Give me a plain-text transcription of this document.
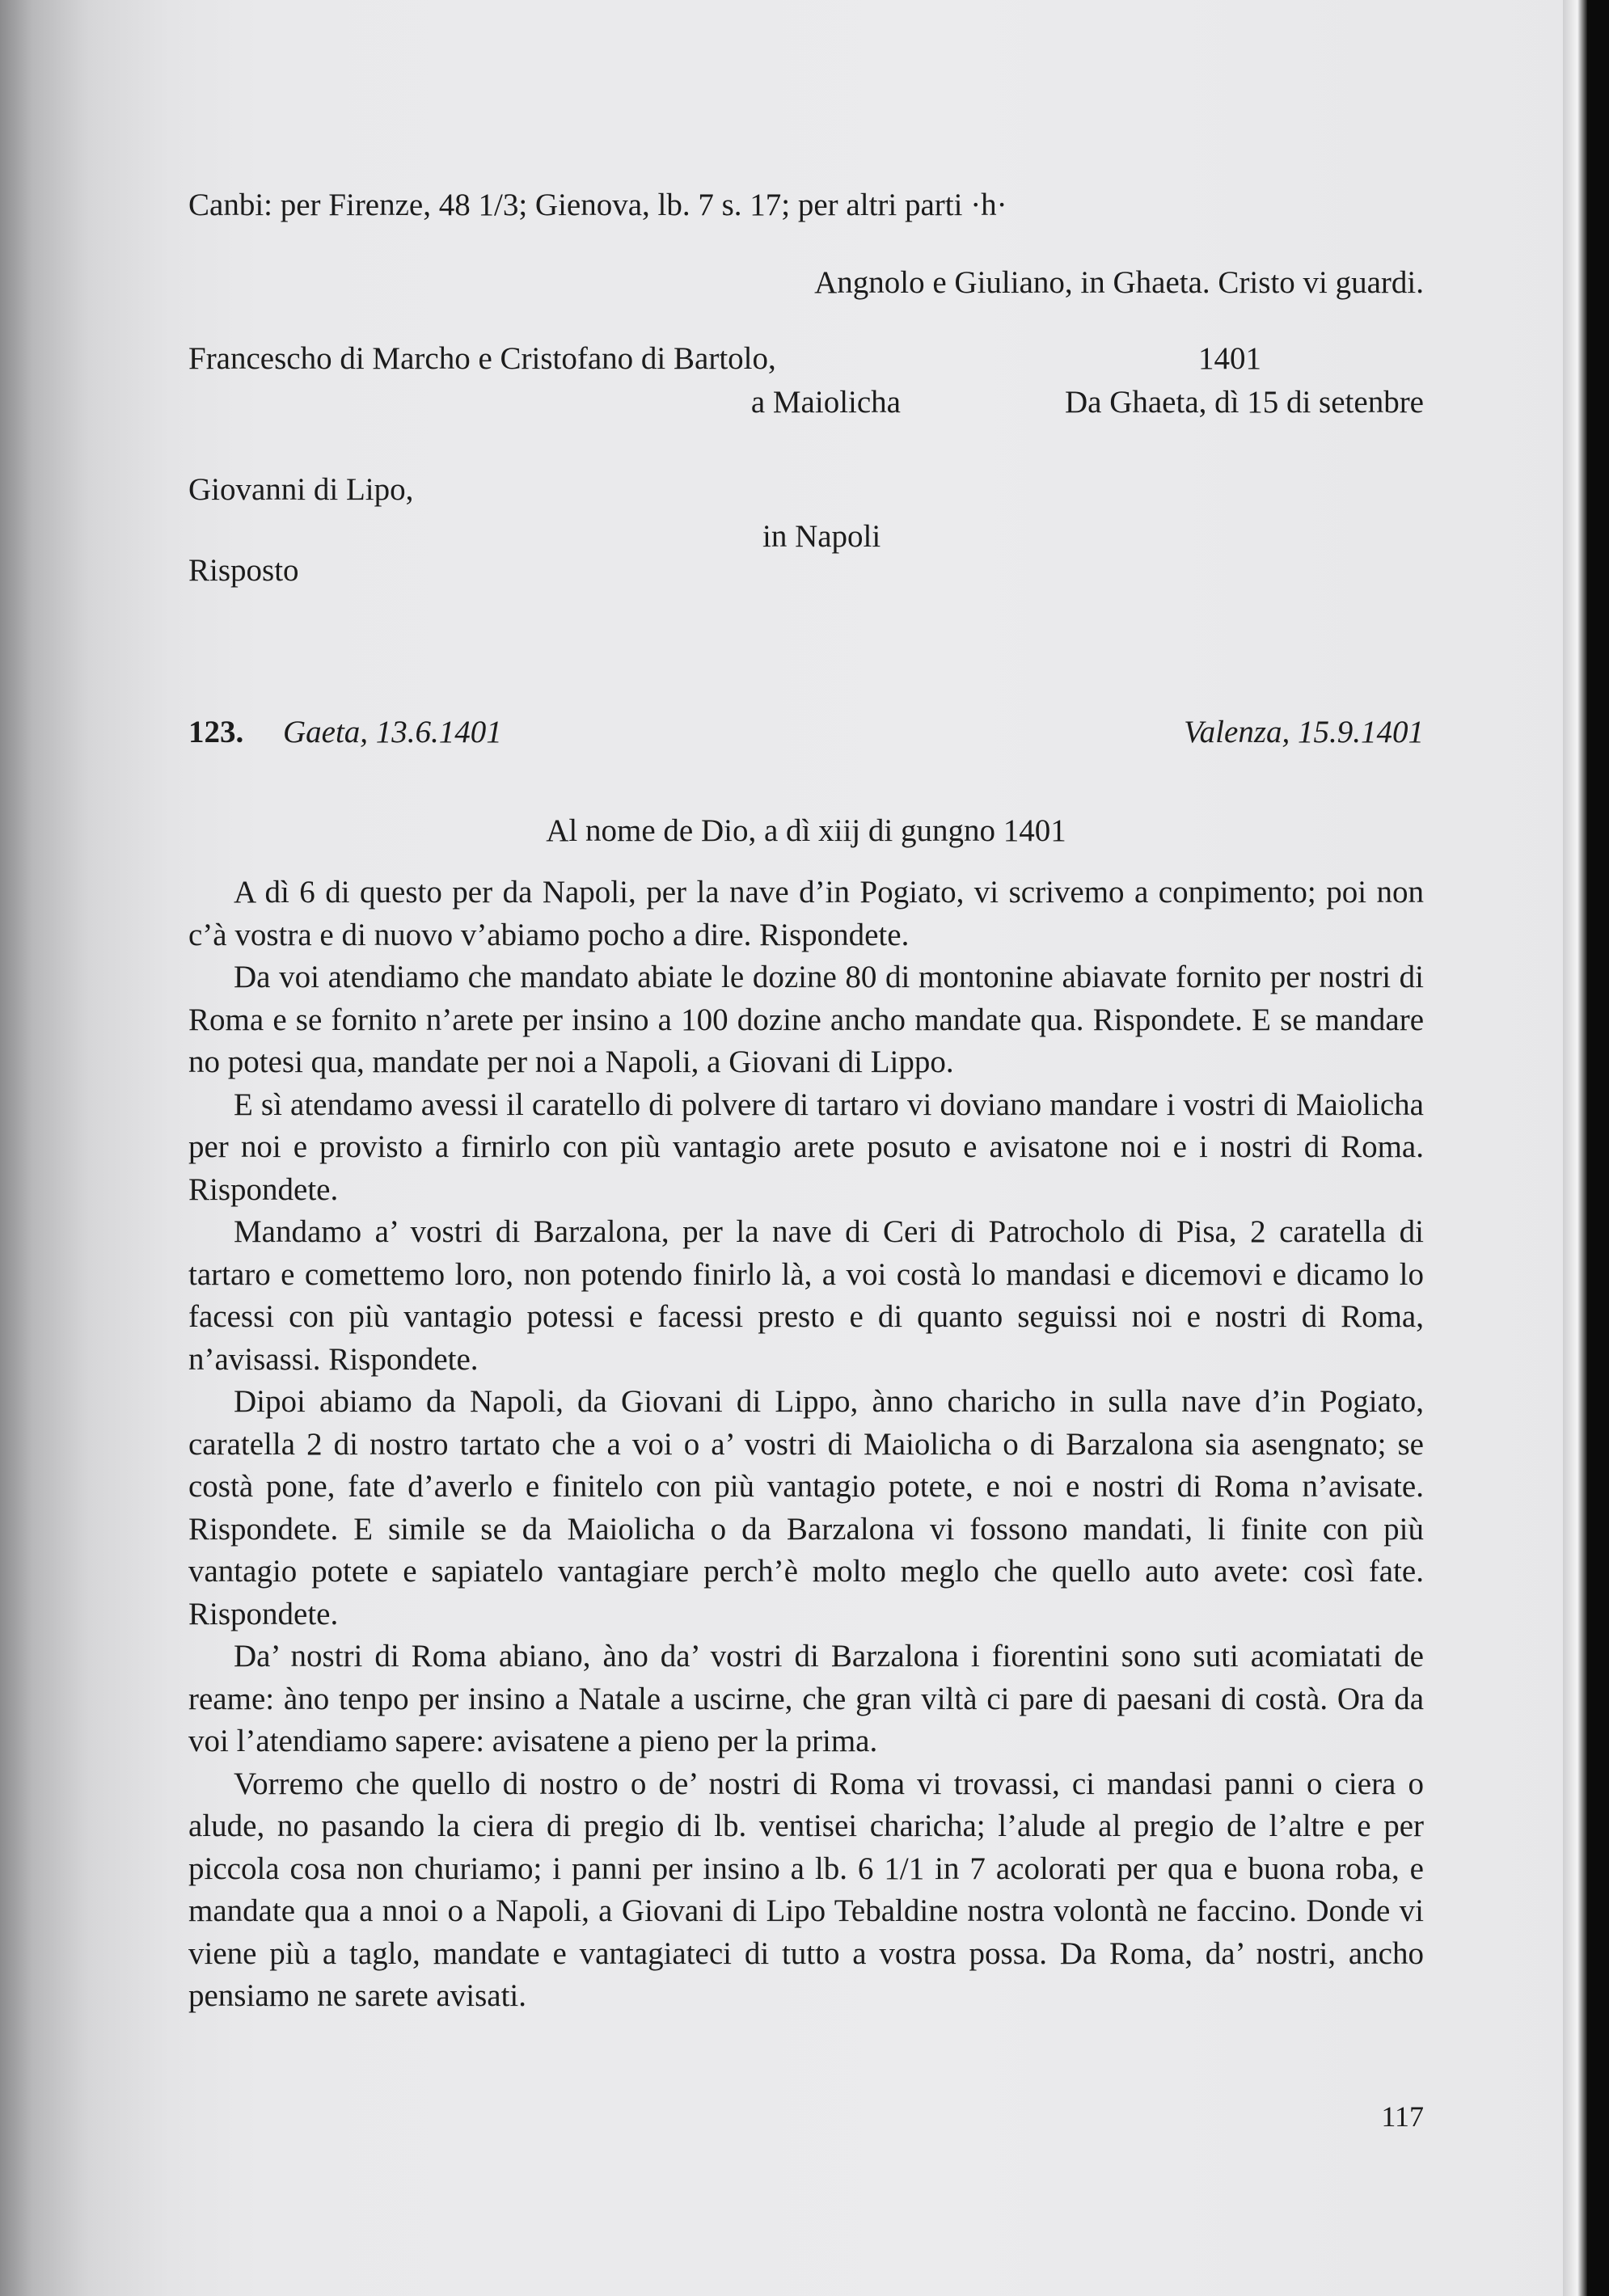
Canbi: per Firenze, 48 1/3; Gienova, lb. 7 s. 17; per altri parti ·h·
Angnolo e Giuliano, in Ghaeta. Cristo vi guardi.
Francescho di Marcho e Cristofano di Bartolo,	1401
a Maiolicha	Da Ghaeta, dì 15 di setenbre
Giovanni di Lipo,
in Napoli
Risposto
123. Gaeta, 13.6.1401	Valenza, 15.9.1401
Al nome de Dio, a dì xiij di gungno 1401

A dì 6 di questo per da Napoli, per la nave d’in Pogiato, vi scrivemo a conpimento; poi non c’à vostra e di nuovo v’abiamo pocho a dire. Rispondete.

Da voi atendiamo che mandato abiate le dozine 80 di montonine abiavate fornito per nostri di Roma e se fornito n’arete per insino a 100 dozine ancho mandate qua. Rispondete. E se mandare no potesi qua, mandate per noi a Napoli, a Giovani di Lippo.

E sì atendamo avessi il caratello di polvere di tartaro vi doviano mandare i vostri di Maiolicha per noi e provisto a firnirlo con più vantagio arete posuto e avisatone noi e i nostri di Roma. Rispondete.

Mandamo a’ vostri di Barzalona, per la nave di Ceri di Patrocholo di Pisa, 2 caratella di tartaro e comettemo loro, non potendo finirlo là, a voi costà lo mandasi e dicemovi e dicamo lo facessi con più vantagio potessi e facessi presto e di quanto seguissi noi e nostri di Roma, n’avisassi. Rispondete.

Dipoi abiamo da Napoli, da Giovani di Lippo, ànno charicho in sulla nave d’in Pogiato, caratella 2 di nostro tartato che a voi o a’ vostri di Maiolicha o di Barzalona sia asengnato; se costà pone, fate d’averlo e finitelo con più vantagio potete, e noi e nostri di Roma n’avisate. Rispondete. E simile se da Maiolicha o da Barzalona vi fossono mandati, li finite con più vantagio potete e sapiatelo vantagiare perch’è molto meglo che quello auto avete: così fate. Rispondete.

Da’ nostri di Roma abiano, àno da’ vostri di Barzalona i fiorentini sono suti acomiatati de reame: àno tenpo per insino a Natale a uscirne, che gran viltà ci pare di paesani di costà. Ora da voi l’atendiamo sapere: avisatene a pieno per la prima.

Vorremo che quello di nostro o de’ nostri di Roma vi trovassi, ci mandasi panni o ciera o alude, no pasando la ciera di pregio di lb. ventisei charicha; l’alude al pregio de l’altre e per piccola cosa non churiamo; i panni per insino a lb. 6 1/1 in 7 acolorati per qua e buona roba, e mandate qua a nnoi o a Napoli, a Giovani di Lipo Tebaldine nostra volontà ne faccino. Donde vi viene più a taglo, mandate e vantagiateci di tutto a vostra possa. Da Roma, da’ nostri, ancho pensiamo ne sarete avisati.

117
